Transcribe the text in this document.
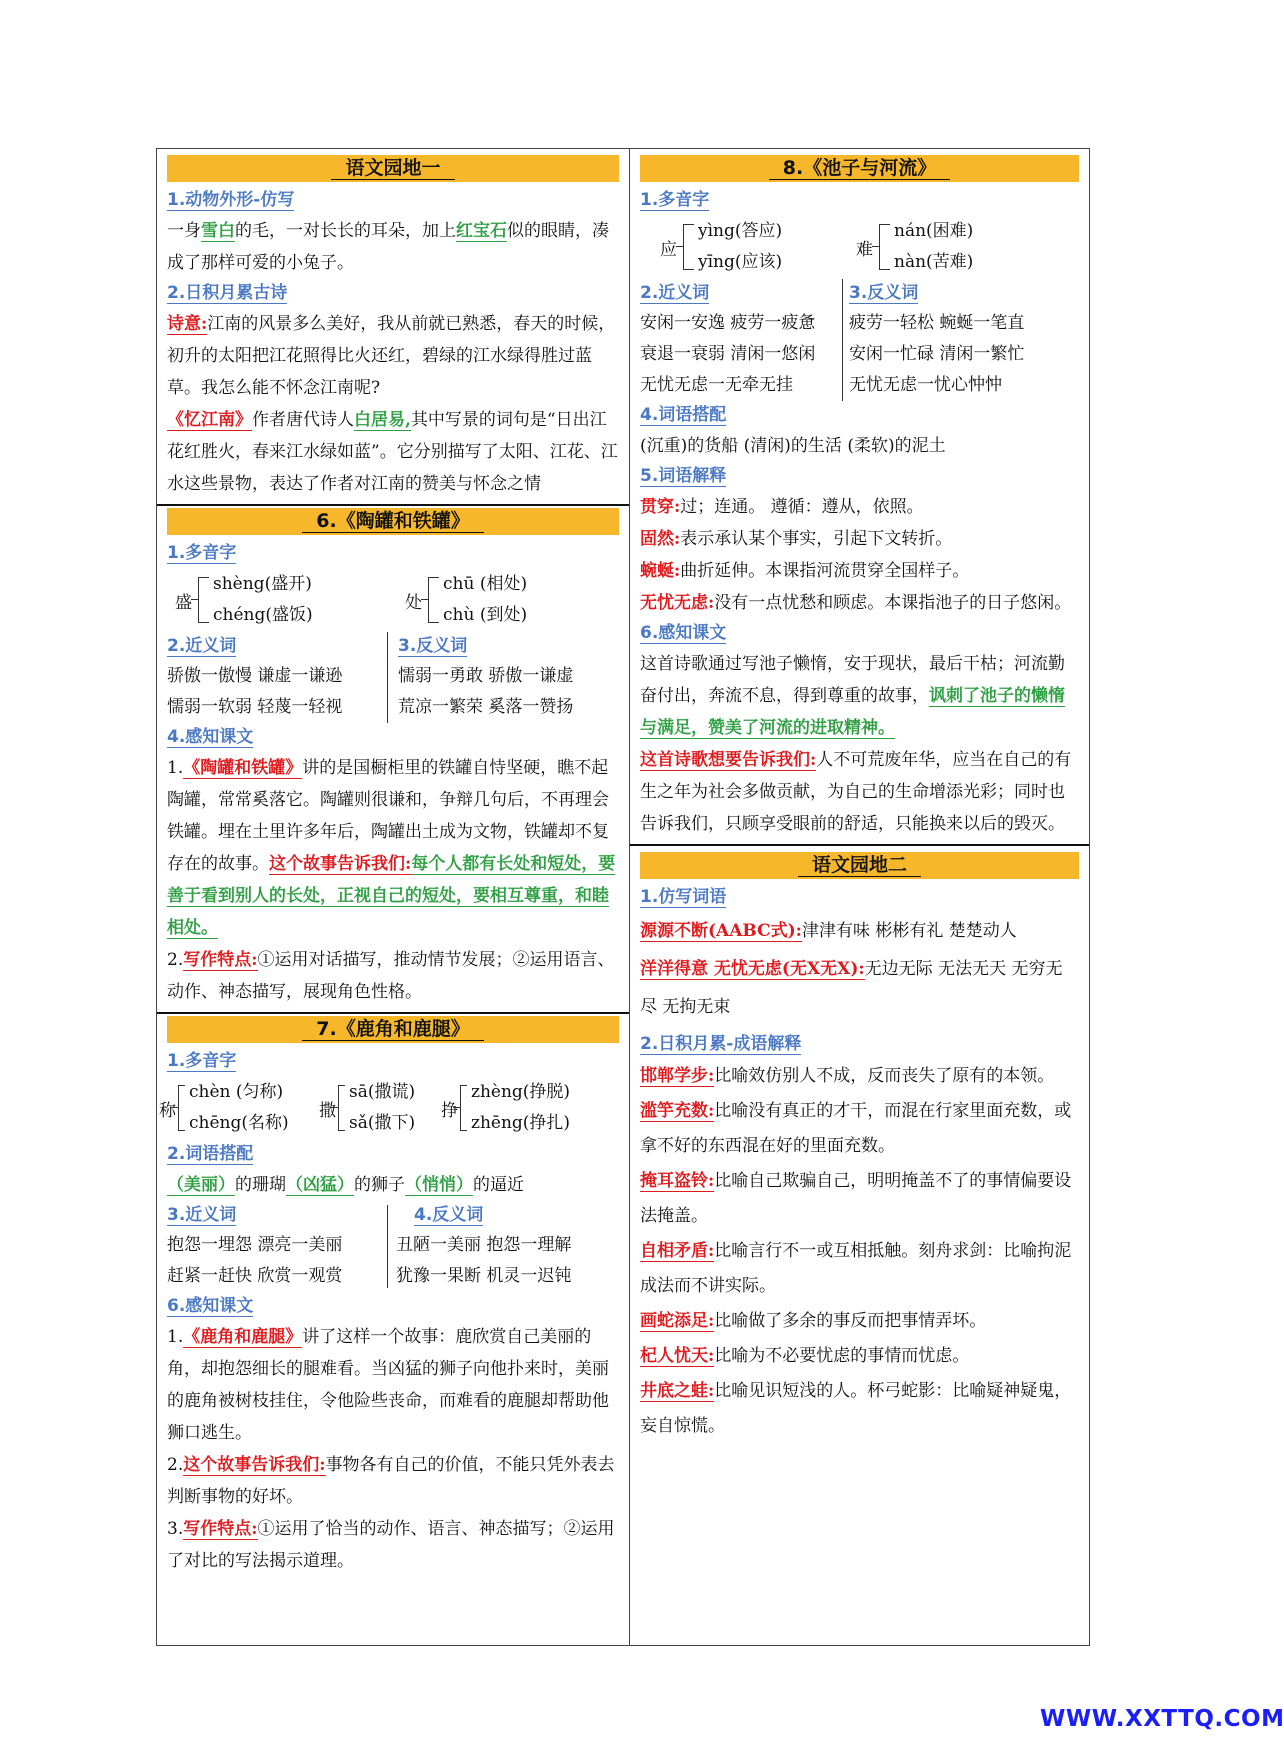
语文园地一
1.动物外形-仿写

一身雪白的毛，一对长长的耳朵，加上红宝石似的眼睛，凑成了那样可爱的小兔子。

2.日积月累古诗

诗意:江南的风景多么美好，我从前就已熟悉，春天的时候，初升的太阳把江花照得比火还红，碧绿的江水绿得胜过蓝草。我怎么能不怀念江南呢?

《忆江南》作者唐代诗人白居易,其中写景的词句是“日出江花红胜火，春来江水绿如蓝”。它分别描写了太阳、江花、江水这些景物，表达了作者对江南的赞美与怀念之情

6.《陶罐和铁罐》
1.多音字
盛
shèng(盛开)
chéng(盛饭)
处
chū (相处)
chù (到处)
2.近义词
骄傲一傲慢 谦虚一谦逊
懦弱一软弱 轻蔑一轻视
3.反义词
懦弱一勇敢 骄傲一谦虚
荒凉一繁荣 奚落一赞扬
4.感知课文

1.《陶罐和铁罐》讲的是国橱柜里的铁罐自恃坚硬，瞧不起陶罐，常常奚落它。陶罐则很谦和，争辩几句后，不再理会铁罐。埋在土里许多年后，陶罐出土成为文物，铁罐却不复存在的故事。这个故事告诉我们:每个人都有长处和短处，要善于看到别人的长处，正视自己的短处，要相互尊重，和睦相处。

2.写作特点:①运用对话描写，推动情节发展；②运用语言、动作、神态描写，展现角色性格。

7.《鹿角和鹿腿》
1.多音字
称
chèn (匀称)
chēng(名称)
撒
sā(撒谎)
sǎ(撒下)
挣
zhèng(挣脱)
zhēng(挣扎)
2.词语搭配

（美丽）的珊瑚（凶猛）的狮子（悄悄）的逼近

3.近义词
抱怨一埋怨 漂亮一美丽
赶紧一赶快 欣赏一观赏
4.反义词
丑陋一美丽 抱怨一理解
犹豫一果断 机灵一迟钝
6.感知课文

1.《鹿角和鹿腿》讲了这样一个故事：鹿欣赏自己美丽的角，却抱怨细长的腿难看。当凶猛的狮子向他扑来时，美丽的鹿角被树枝挂住，令他险些丧命，而难看的鹿腿却帮助他狮口逃生。

2.这个故事告诉我们:事物各有自己的价值，不能只凭外表去判断事物的好坏。

3.写作特点:①运用了恰当的动作、语言、神态描写；②运用了对比的写法揭示道理。

8.《池子与河流》
1.多音字
应
yìng(答应)
yīng(应该)
难
nán(困难)
nàn(苦难)
2.近义词
安闲一安逸 疲劳一疲惫
衰退一衰弱 清闲一悠闲
无忧无虑一无牵无挂
3.反义词
疲劳一轻松 蜿蜒一笔直
安闲一忙碌 清闲一繁忙
无忧无虑一忧心忡忡
4.词语搭配

(沉重)的货船 (清闲)的生活 (柔软)的泥土

5.词语解释

贯穿:过；连通。 遵循：遵从，依照。

固然:表示承认某个事实，引起下文转折。

蜿蜒:曲折延伸。本课指河流贯穿全国样子。

无忧无虑:没有一点忧愁和顾虑。本课指池子的日子悠闲。

6.感知课文

这首诗歌通过写池子懒惰，安于现状，最后干枯；河流勤奋付出，奔流不息，得到尊重的故事，讽刺了池子的懒惰与满足，赞美了河流的进取精神。

这首诗歌想要告诉我们:人不可荒废年华，应当在自己的有生之年为社会多做贡献，为自己的生命增添光彩；同时也告诉我们，只顾享受眼前的舒适，只能换来以后的毁灭。

语文园地二
1.仿写词语

源源不断(AABC式):津津有味 彬彬有礼 楚楚动人

洋洋得意 无忧无虑(无X无X):无边无际 无法无天 无穷无尽 无拘无束

2.日积月累-成语解释

邯郸学步:比喻效仿别人不成，反而丧失了原有的本领。

滥竽充数:比喻没有真正的才干，而混在行家里面充数，或拿不好的东西混在好的里面充数。

掩耳盗铃:比喻自己欺骗自己，明明掩盖不了的事情偏要设法掩盖。

自相矛盾:比喻言行不一或互相抵触。刻舟求剑：比喻拘泥成法而不讲实际。

画蛇添足:比喻做了多余的事反而把事情弄坏。

杞人忧天:比喻为不必要忧虑的事情而忧虑。

井底之蛙:比喻见识短浅的人。杯弓蛇影：比喻疑神疑鬼，妄自惊慌。

WWW.XXTTQ.COM
